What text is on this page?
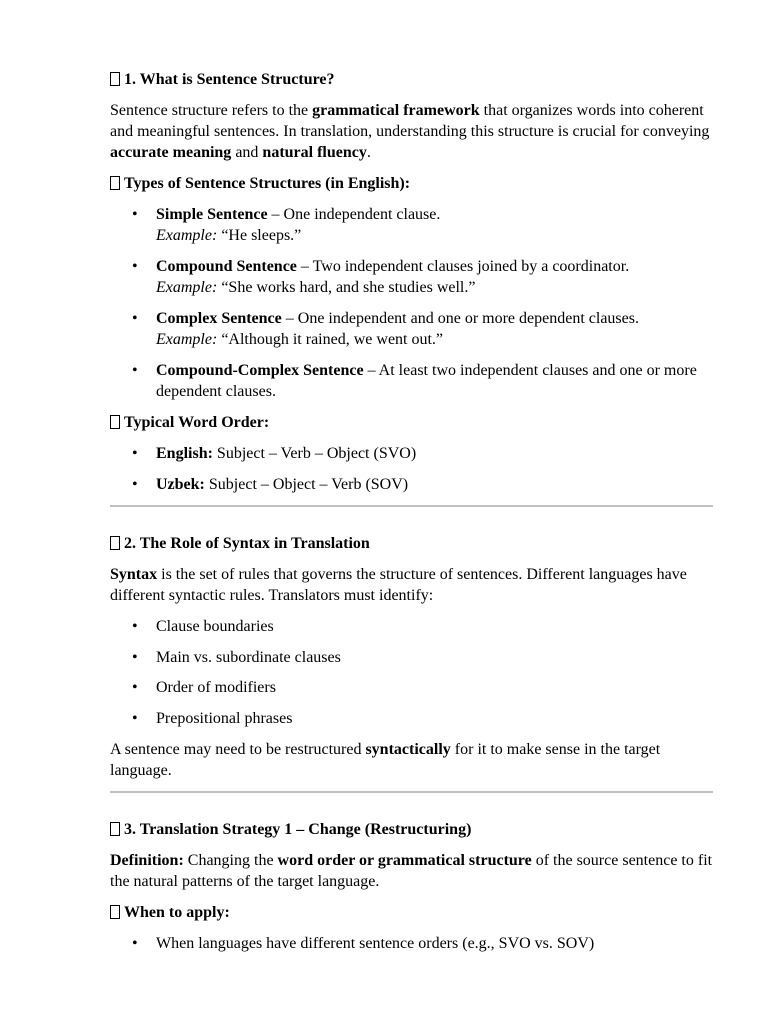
1. What is Sentence Structure?

Sentence structure refers to the grammatical framework that organizes words into coherent and meaningful sentences. In translation, understanding this structure is crucial for conveying accurate meaning and natural fluency.

Types of Sentence Structures (in English):
• Simple Sentence – One independent clause.
Example: “He sleeps.”

• Compound Sentence – Two independent clauses joined by a coordinator.
Example: “She works hard, and she studies well.”

• Complex Sentence – One independent and one or more dependent clauses.
Example: “Although it rained, we went out.”

• Compound-Complex Sentence – At least two independent clauses and one or more dependent clauses.

Typical Word Order:
• English: Subject – Verb – Object (SVO)

• Uzbek: Subject – Object – Verb (SOV)

2. The Role of Syntax in Translation

Syntax is the set of rules that governs the structure of sentences. Different languages have different syntactic rules. Translators must identify:

• Clause boundaries

• Main vs. subordinate clauses

• Order of modifiers

• Prepositional phrases

A sentence may need to be restructured syntactically for it to make sense in the target language.

3. Translation Strategy 1 – Change (Restructuring)

Definition: Changing the word order or grammatical structure of the source sentence to fit the natural patterns of the target language.

When to apply:
• When languages have different sentence orders (e.g., SVO vs. SOV)
